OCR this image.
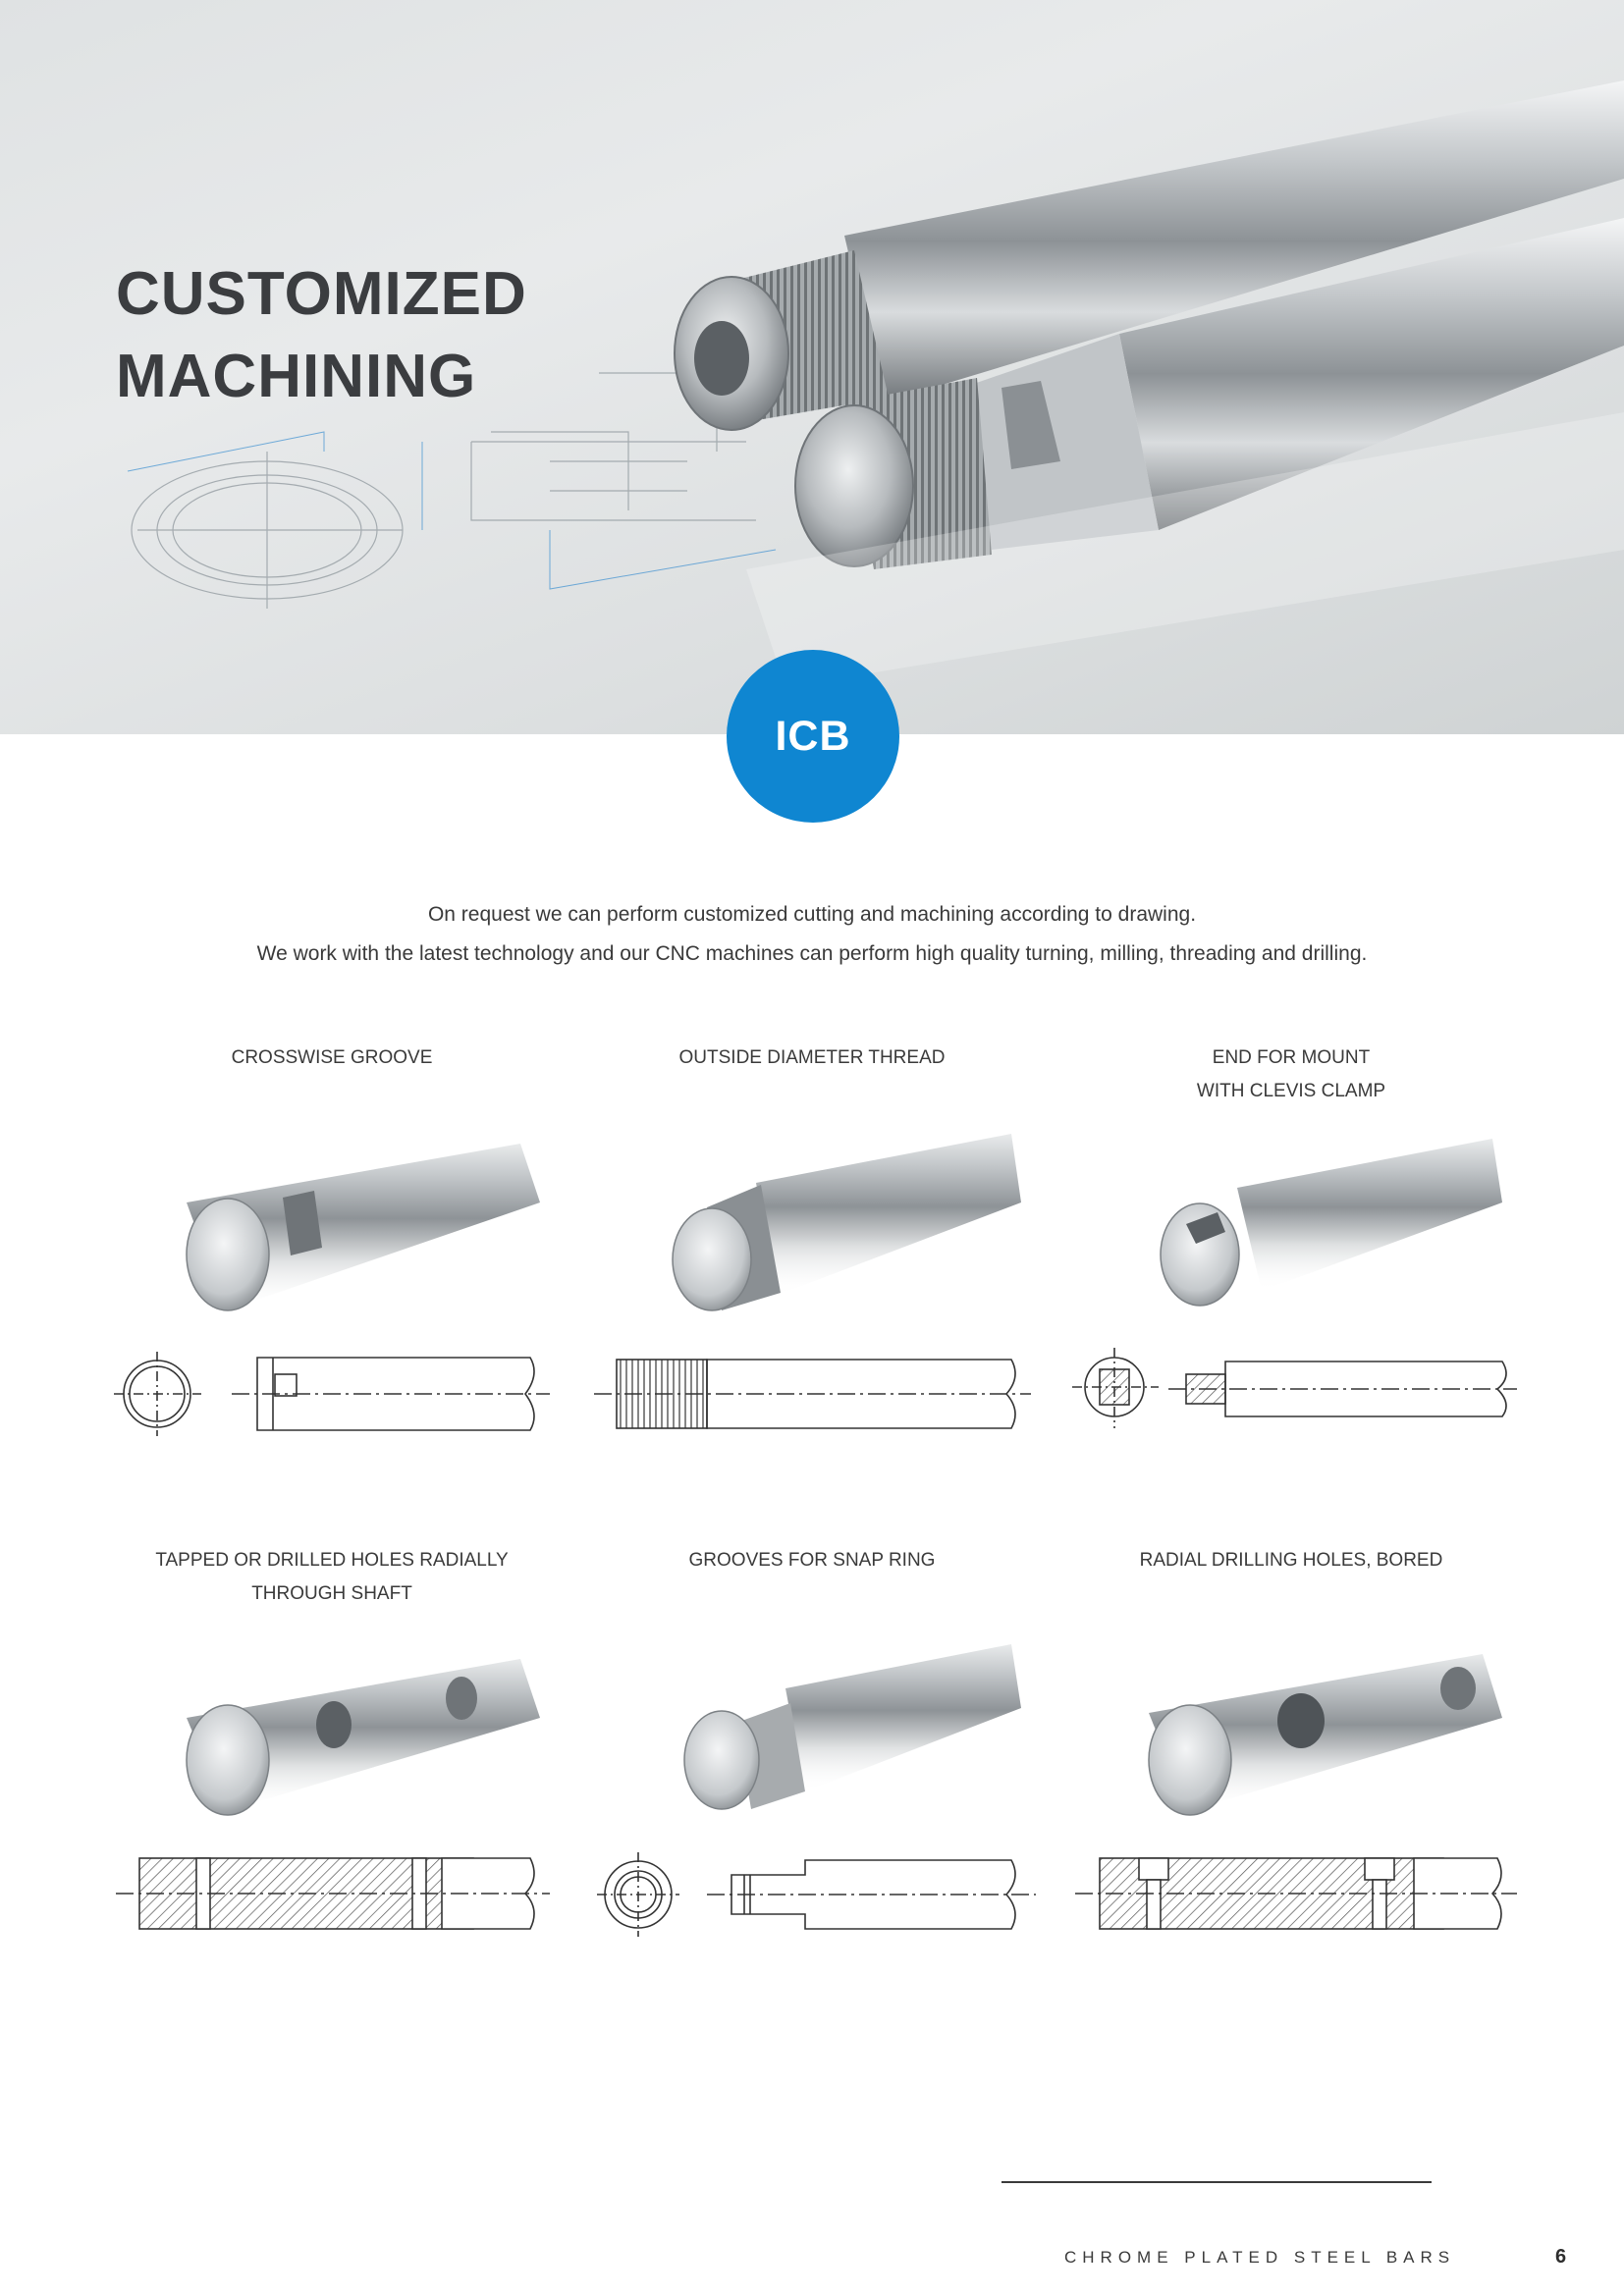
CUSTOMIZED
MACHINING
ICB

On request we can perform customized cutting and machining according to drawing.

We work with the latest technology and our CNC machines can perform high quality turning, milling, threading and drilling.

CROSSWISE GROOVE	OUTSIDE DIAMETER THREAD	END FOR MOUNT
WITH CLEVIS CLAMP
TAPPED OR DRILLED HOLES RADIALLY
THROUGH SHAFT
GROOVES FOR SNAP RING	RADIAL DRILLING HOLES, BORED
CHROME PLATED STEEL BARS	6
